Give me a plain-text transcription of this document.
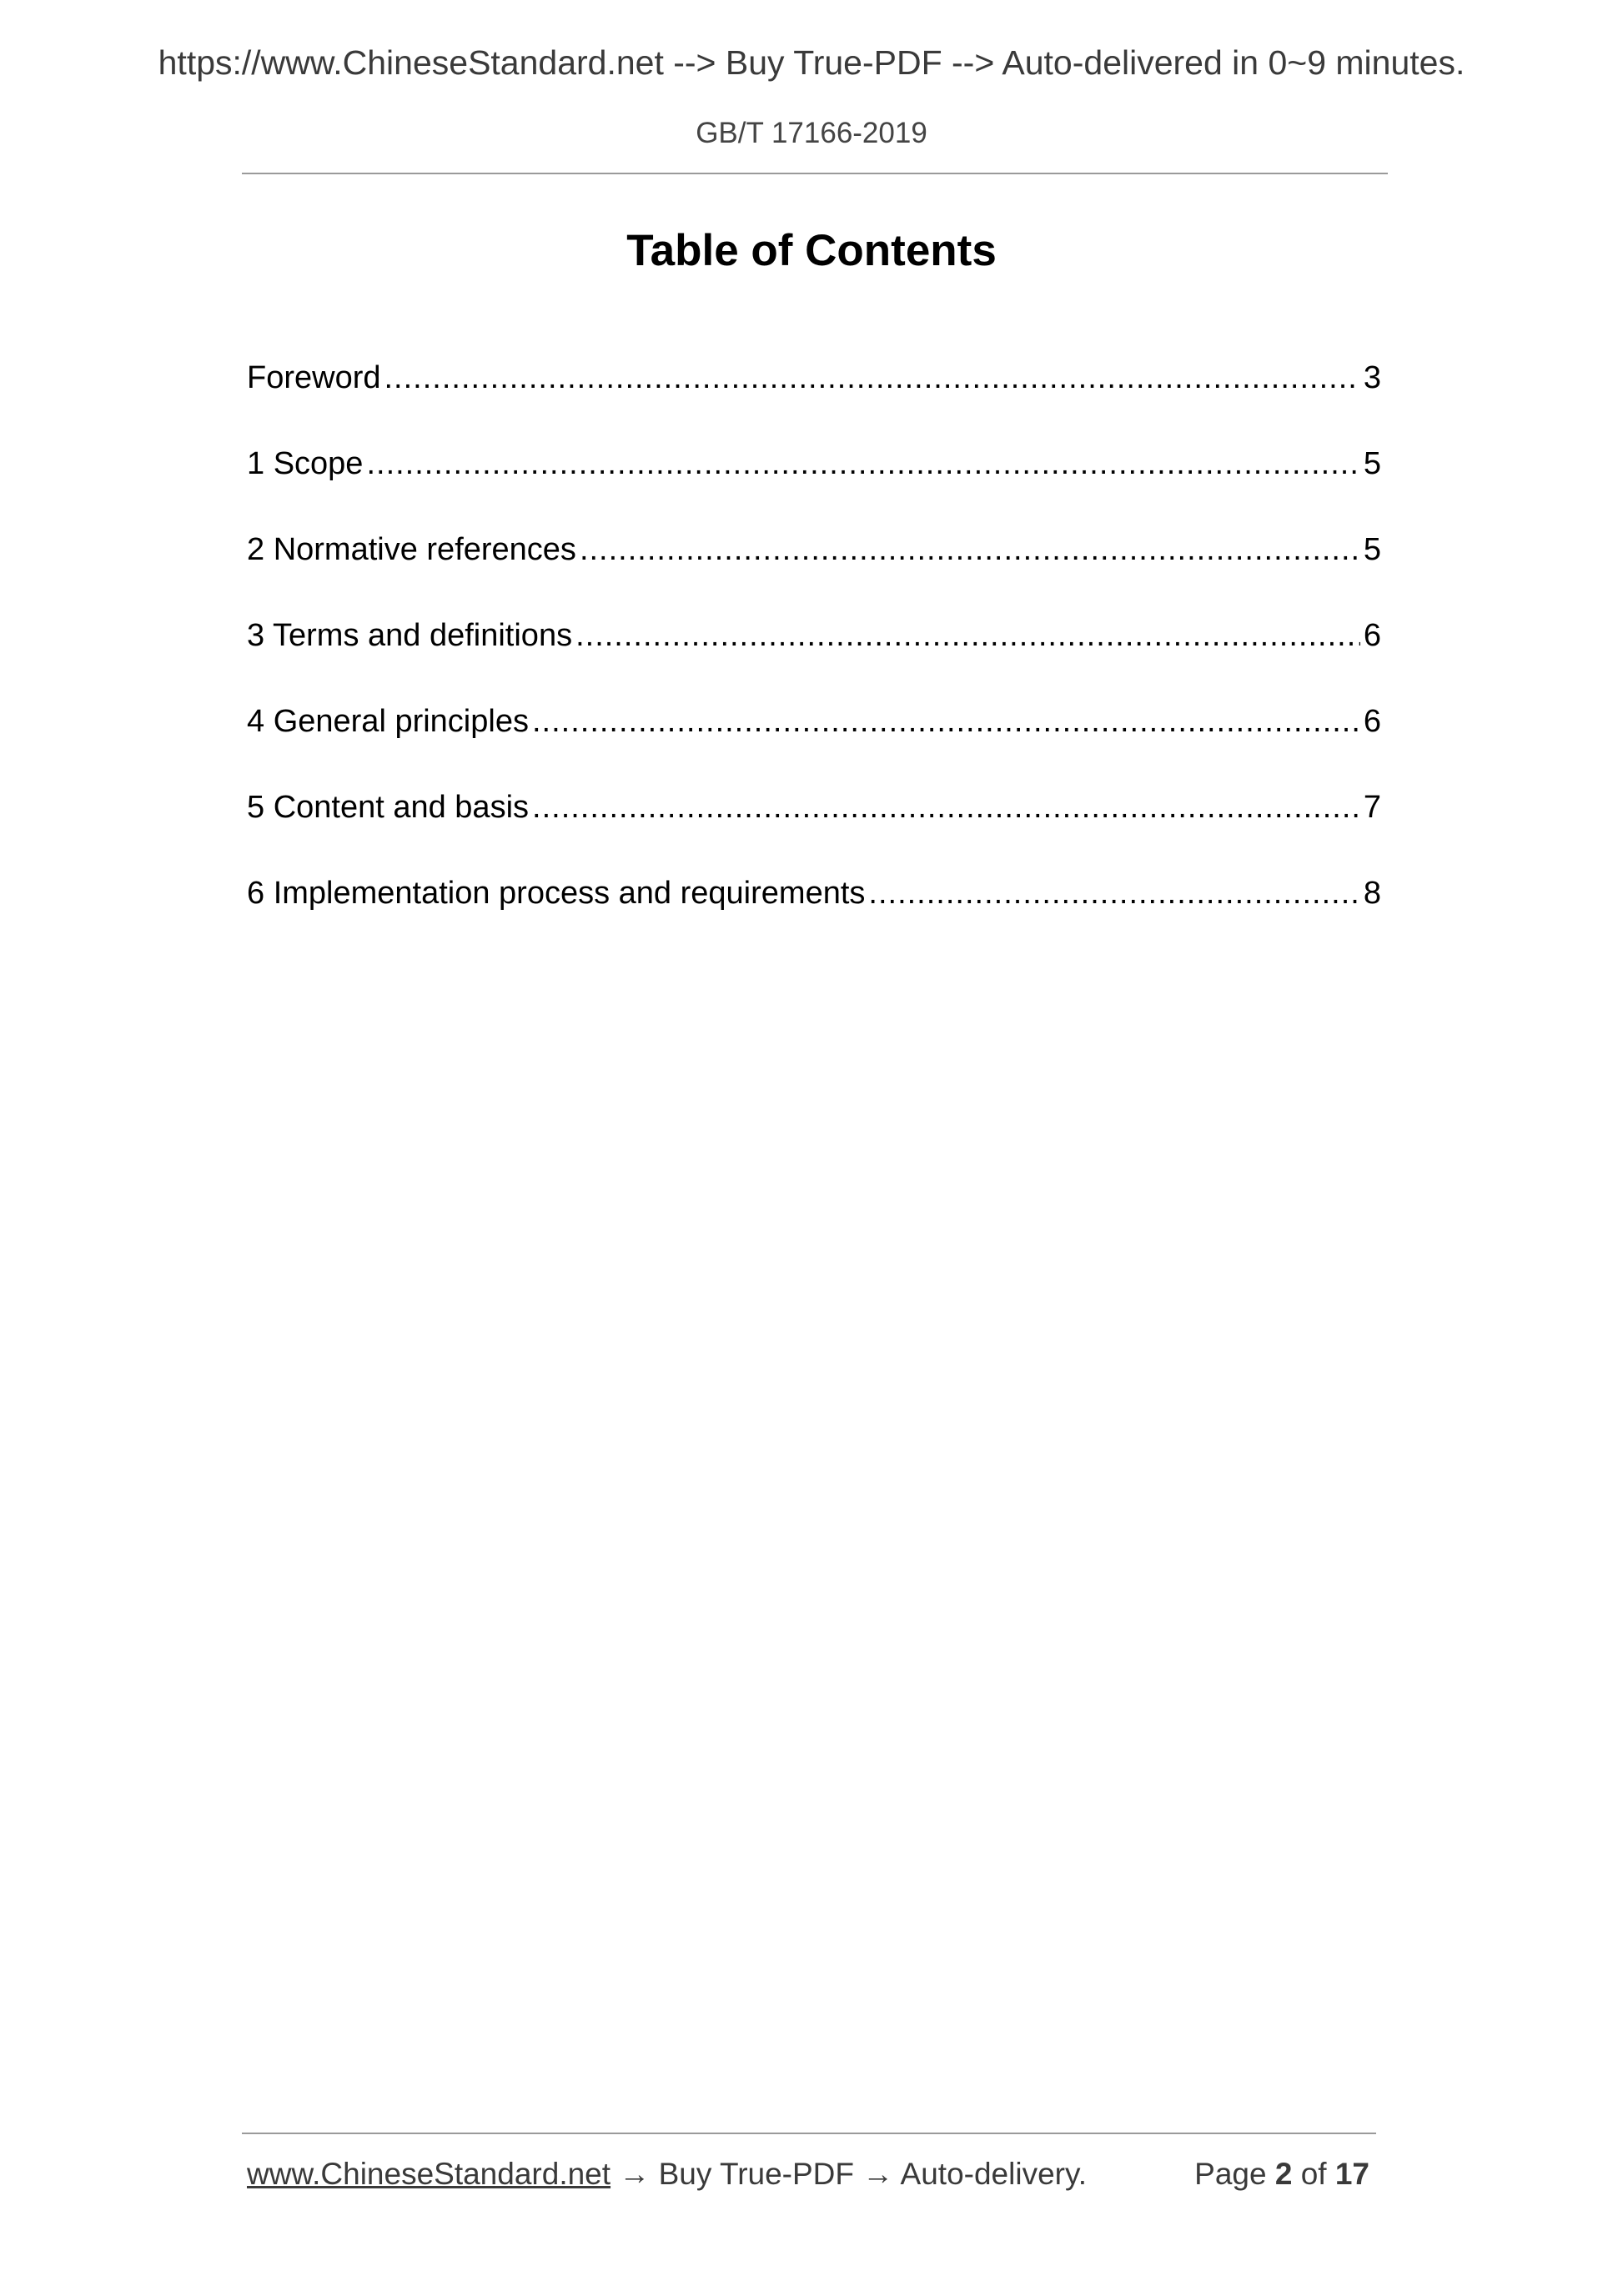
https://www.ChineseStandard.net --> Buy True-PDF --> Auto-delivered in 0~9 minutes.
GB/T 17166-2019
Table of Contents
Foreword .....	3
1 Scope .....	5
2 Normative references .....	5
3 Terms and definitions .....	6
4 General principles .....	6
5 Content and basis .....	7
6 Implementation process and requirements .....	8
www.ChineseStandard.net → Buy True-PDF → Auto-delivery.	Page 2 of 17
